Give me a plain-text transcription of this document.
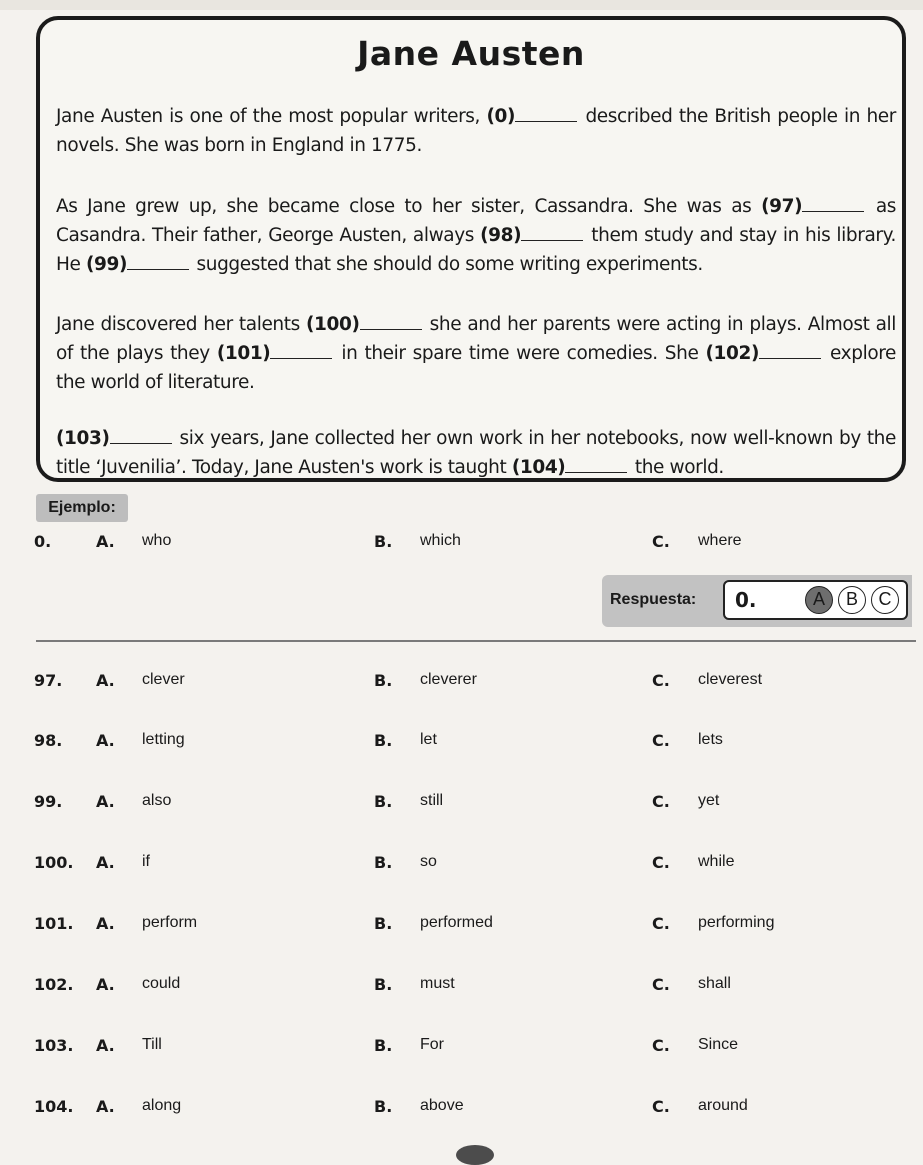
Jane Austen
Jane Austen is one of the most popular writers, (0)	described the British people in her novels. She was born in England in 1775.
As Jane grew up, she became close to her sister, Cassandra. She was as (97)	as Casandra. Their father, George Austen, always (98)	them study and stay in his library. He (99)	suggested that she should do some writing experiments.
Jane discovered her talents (100)	she and her parents were acting in plays. Almost all of the plays they (101)	in their spare time were comedies. She (102)	explore the world of literature.
(103)	six years, Jane collected her own work in her notebooks, now well-known by the title ‘Juvenilia’. Today, Jane Austen's work is taught (104)	the world.
Ejemplo:
0.	A. who	B. which	C. where
Respuesta: 0.	A	B	C
97. A. clever	B. cleverer	C. cleverest
98. A. letting	B. let	C. lets
99. A. also	B. still	C. yet
100. A. if	B. so	C. while
101. A. perform	B. performed	C. performing
102. A. could	B. must	C. shall
103. A. Till	B. For	C. Since
104. A. along	B. above	C. around
